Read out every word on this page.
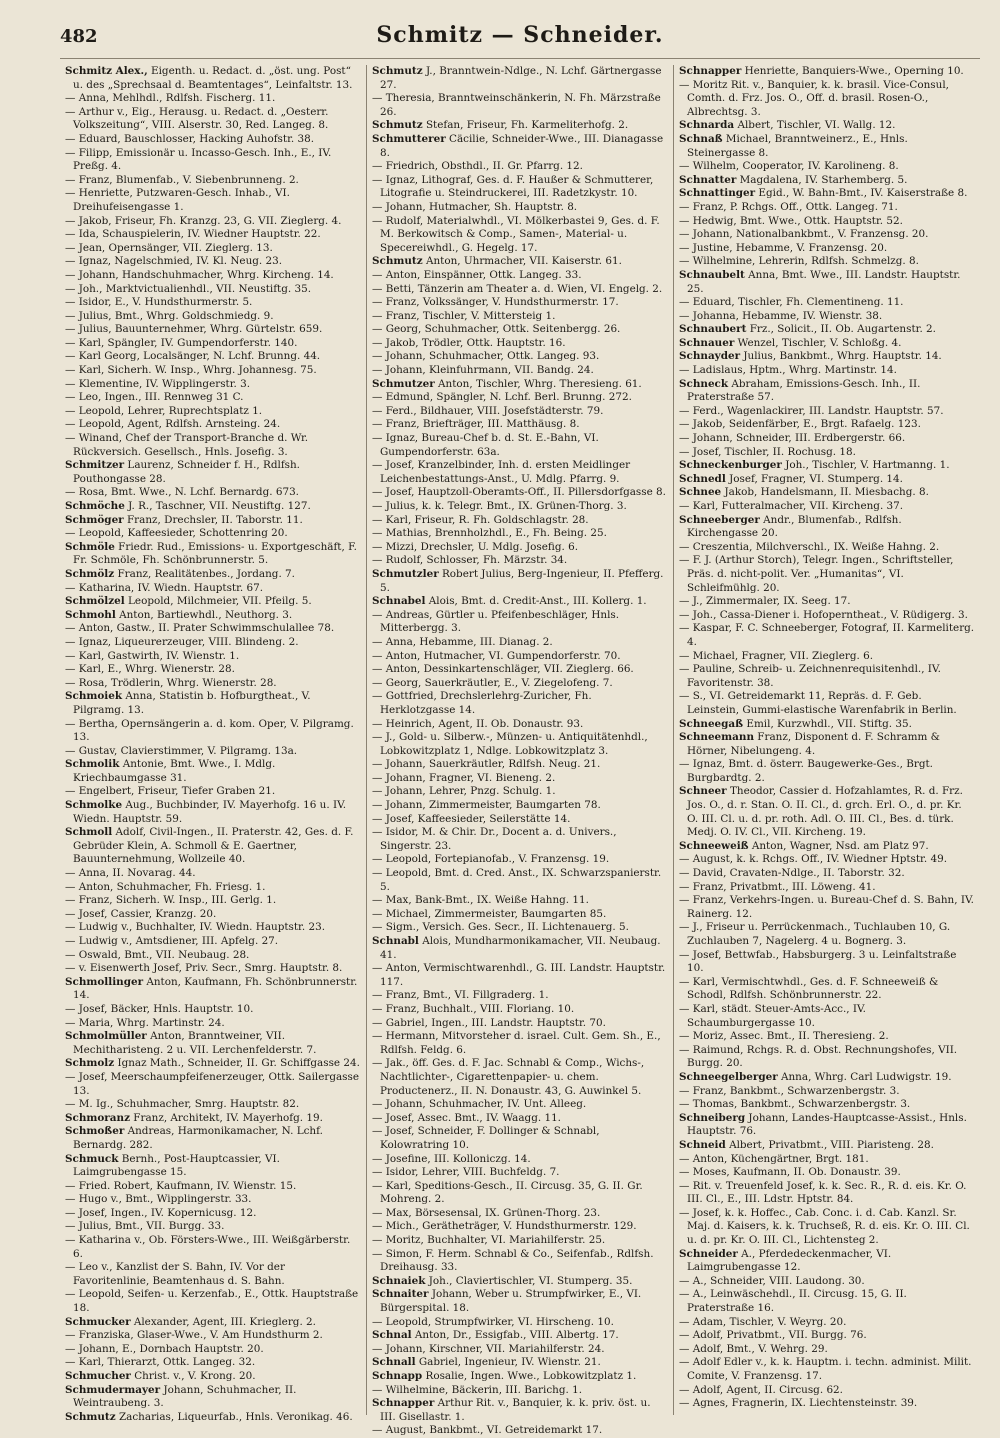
482	Schmitz — Schneider.

Schmitz Alex., Eigenth. u. Redact. d. „öst. ung. Post“ u. des „Sprechsaal d. Beamtentages“, Leinfaltstr. 13.

— Anna, Mehlhdl., Rdlfsh. Fischerg. 11.

— Arthur v., Eig., Herausg. u. Redact. d. „Oesterr. Volkszeitung“, VIII. Alserstr. 30, Red. Langeg. 8.

— Eduard, Bauschlosser, Hacking Auhofstr. 38.

— Filipp, Emissionär u. Incasso-Gesch. Inh., E., IV. Preßg. 4.

— Franz, Blumenfab., V. Siebenbrunneng. 2.

— Henriette, Putzwaren-Gesch. Inhab., VI. Dreihufeisengasse 1.

— Jakob, Friseur, Fh. Kranzg. 23, G. VII. Zieglerg. 4.

— Ida, Schauspielerin, IV. Wiedner Hauptstr. 22.

— Jean, Opernsänger, VII. Zieglerg. 13.

— Ignaz, Nagelschmied, IV. Kl. Neug. 23.

— Johann, Handschuhmacher, Whrg. Kircheng. 14.

— Joh., Marktvictualienhdl., VII. Neustiftg. 35.

— Isidor, E., V. Hundsthurmerstr. 5.

— Julius, Bmt., Whrg. Goldschmiedg. 9.

— Julius, Bauunternehmer, Whrg. Gürtelstr. 659.

— Karl, Spängler, IV. Gumpendorferstr. 140.

— Karl Georg, Localsänger, N. Lchf. Brunng. 44.

— Karl, Sicherh. W. Insp., Whrg. Johannesg. 75.

— Klementine, IV. Wipplingerstr. 3.

— Leo, Ingen., III. Rennweg 31 C.

— Leopold, Lehrer, Ruprechtsplatz 1.

— Leopold, Agent, Rdlfsh. Arnsteing. 24.

— Winand, Chef der Transport-Branche d. Wr. Rückversich. Gesellsch., Hnls. Josefig. 3.

Schmitzer Laurenz, Schneider f. H., Rdlfsh. Pouthongasse 28.

— Rosa, Bmt. Wwe., N. Lchf. Bernardg. 673.

Schmöche J. R., Taschner, VII. Neustiftg. 127.

Schmöger Franz, Drechsler, II. Taborstr. 11.

— Leopold, Kaffeesieder, Schottenring 20.

Schmöle Friedr. Rud., Emissions- u. Exportgeschäft, F. Fr. Schmöle, Fh. Schönbrunnerstr. 5.

Schmölz Franz, Realitätenbes., Jordang. 7.

— Katharina, IV. Wiedn. Hauptstr. 67.

Schmölzel Leopold, Milchmeier, VII. Pfeilg. 5.

Schmohl Anton, Bartiewhdl., Neuthorg. 3.

— Anton, Gastw., II. Prater Schwimmschulallee 78.

— Ignaz, Liqueurerzeuger, VIII. Blindeng. 2.

— Karl, Gastwirth, IV. Wienstr. 1.

— Karl, E., Whrg. Wienerstr. 28.

— Rosa, Trödlerin, Whrg. Wienerstr. 28.

Schmoiek Anna, Statistin b. Hofburgtheat., V. Pilgramg. 13.

— Bertha, Opernsängerin a. d. kom. Oper, V. Pilgramg. 13.

— Gustav, Clavierstimmer, V. Pilgramg. 13a.

Schmolik Antonie, Bmt. Wwe., I. Mdlg. Kriechbaumgasse 31.

— Engelbert, Friseur, Tiefer Graben 21.

Schmolke Aug., Buchbinder, IV. Mayerhofg. 16 u. IV. Wiedn. Hauptstr. 59.

Schmoll Adolf, Civil-Ingen., II. Praterstr. 42, Ges. d. F. Gebrüder Klein, A. Schmoll & E. Gaertner, Bauunternehmung, Wollzeile 40.

— Anna, II. Novarag. 44.

— Anton, Schuhmacher, Fh. Friesg. 1.

— Franz, Sicherh. W. Insp., III. Gerlg. 1.

— Josef, Cassier, Kranzg. 20.

— Ludwig v., Buchhalter, IV. Wiedn. Hauptstr. 23.

— Ludwig v., Amtsdiener, III. Apfelg. 27.

— Oswald, Bmt., VII. Neubaug. 28.

— v. Eisenwerth Josef, Priv. Secr., Smrg. Hauptstr. 8.

Schmollinger Anton, Kaufmann, Fh. Schönbrunnerstr. 14.

— Josef, Bäcker, Hnls. Hauptstr. 10.

— Maria, Whrg. Martinstr. 24.

Schmolmüller Anton, Branntweiner, VII. Mechitharisteng. 2 u. VII. Lerchenfelderstr. 7.

Schmolz Ignaz Math., Schneider, II. Gr. Schiffgasse 24.

— Josef, Meerschaumpfeifenerzeuger, Ottk. Sailergasse 13.

— M. Ig., Schuhmacher, Smrg. Hauptstr. 82.

Schmoranz Franz, Architekt, IV. Mayerhofg. 19.

Schmoßer Andreas, Harmonikamacher, N. Lchf. Bernardg. 282.

Schmuck Bernh., Post-Hauptcassier, VI. Laimgrubengasse 15.

— Fried. Robert, Kaufmann, IV. Wienstr. 15.

— Hugo v., Bmt., Wipplingerstr. 33.

— Josef, Ingen., IV. Kopernicusg. 12.

— Julius, Bmt., VII. Burgg. 33.

— Katharina v., Ob. Försters-Wwe., III. Weißgärberstr. 6.

— Leo v., Kanzlist der S. Bahn, IV. Vor der Favoritenlinie, Beamtenhaus d. S. Bahn.

— Leopold, Seifen- u. Kerzenfab., E., Ottk. Hauptstraße 18.

Schmucker Alexander, Agent, III. Krieglerg. 2.

— Franziska, Glaser-Wwe., V. Am Hundsthurm 2.

— Johann, E., Dornbach Hauptstr. 20.

— Karl, Thierarzt, Ottk. Langeg. 32.

Schmucher Christ. v., V. Krong. 20.

Schmudermayer Johann, Schuhmacher, II. Weintraubeng. 3.

Schmutz Zacharias, Liqueurfab., Hnls. Veronikag. 46.

Schmutz J., Branntwein-Ndlge., N. Lchf. Gärtnergasse 27.

— Theresia, Branntweinschänkerin, N. Fh. Märzstraße 26.

Schmutz Stefan, Friseur, Fh. Karmeliterhofg. 2.

Schmutterer Cäcilie, Schneider-Wwe., III. Dianagasse 8.

— Friedrich, Obsthdl., II. Gr. Pfarrg. 12.

— Ignaz, Lithograf, Ges. d. F. Haußer & Schmutterer, Litografie u. Steindruckerei, III. Radetzkystr. 10.

— Johann, Hutmacher, Sh. Hauptstr. 8.

— Rudolf, Materialwhdl., VI. Mölkerbastei 9, Ges. d. F. M. Berkowitsch & Comp., Samen-, Material- u. Specereiwhdl., G. Hegelg. 17.

Schmutz Anton, Uhrmacher, VII. Kaiserstr. 61.

— Anton, Einspänner, Ottk. Langeg. 33.

— Betti, Tänzerin am Theater a. d. Wien, VI. Engelg. 2.

— Franz, Volkssänger, V. Hundsthurmerstr. 17.

— Franz, Tischler, V. Mittersteig 1.

— Georg, Schuhmacher, Ottk. Seitenbergg. 26.

— Jakob, Trödler, Ottk. Hauptstr. 16.

— Johann, Schuhmacher, Ottk. Langeg. 93.

— Johann, Kleinfuhrmann, VII. Bandg. 24.

Schmutzer Anton, Tischler, Whrg. Theresieng. 61.

— Edmund, Spängler, N. Lchf. Berl. Brunng. 272.

— Ferd., Bildhauer, VIII. Josefstädterstr. 79.

— Franz, Briefträger, III. Matthäusg. 8.

— Ignaz, Bureau-Chef b. d. St. E.-Bahn, VI. Gumpendorferstr. 63a.

— Josef, Kranzelbinder, Inh. d. ersten Meidlinger Leichenbestattungs-Anst., U. Mdlg. Pfarrg. 9.

— Josef, Hauptzoll-Oberamts-Off., II. Pillersdorfgasse 8.

— Julius, k. k. Telegr. Bmt., IX. Grünen-Thorg. 3.

— Karl, Friseur, R. Fh. Goldschlagstr. 28.

— Mathias, Brennholzhdl., E., Fh. Being. 25.

— Mizzi, Drechsler, U. Mdlg. Josefig. 6.

— Rudolf, Schlosser, Fh. Märzstr. 34.

Schmutzler Robert Julius, Berg-Ingenieur, II. Pfefferg. 5.

Schnabel Alois, Bmt. d. Credit-Anst., III. Kollerg. 1.

— Andreas, Gürtler u. Pfeifenbeschläger, Hnls. Mitterbergg. 3.

— Anna, Hebamme, III. Dianag. 2.

— Anton, Hutmacher, VI. Gumpendorferstr. 70.

— Anton, Dessinkartenschläger, VII. Zieglerg. 66.

— Georg, Sauerkräutler, E., V. Ziegelofeng. 7.

— Gottfried, Drechslerlehrg-Zuricher, Fh. Herklotzgasse 14.

— Heinrich, Agent, II. Ob. Donaustr. 93.

— J., Gold- u. Silberw.-, Münzen- u. Antiquitätenhdl., Lobkowitzplatz 1, Ndlge. Lobkowitzplatz 3.

— Johann, Sauerkräutler, Rdlfsh. Neug. 21.

— Johann, Fragner, VI. Bieneng. 2.

— Johann, Lehrer, Pnzg. Schulg. 1.

— Johann, Zimmermeister, Baumgarten 78.

— Josef, Kaffeesieder, Seilerstätte 14.

— Isidor, M. & Chir. Dr., Docent a. d. Univers., Singerstr. 23.

— Leopold, Fortepianofab., V. Franzensg. 19.

— Leopold, Bmt. d. Cred. Anst., IX. Schwarzspanierstr. 5.

— Max, Bank-Bmt., IX. Weiße Hahng. 11.

— Michael, Zimmermeister, Baumgarten 85.

— Sigm., Versich. Ges. Secr., II. Lichtenauerg. 5.

Schnabl Alois, Mundharmonikamacher, VII. Neubaug. 41.

— Anton, Vermischtwarenhdl., G. III. Landstr. Hauptstr. 117.

— Franz, Bmt., VI. Fillgraderg. 1.

— Franz, Buchhalt., VIII. Floriang. 10.

— Gabriel, Ingen., III. Landstr. Hauptstr. 70.

— Hermann, Mitvorsteher d. israel. Cult. Gem. Sh., E., Rdlfsh. Feldg. 6.

— Jak., öff. Ges. d. F. Jac. Schnabl & Comp., Wichs-, Nachtlichter-, Cigarettenpapier- u. chem. Productenerz., II. N. Donaustr. 43, G. Auwinkel 5.

— Johann, Schuhmacher, IV. Unt. Alleeg.

— Josef, Assec. Bmt., IV. Waagg. 11.

— Josef, Schneider, F. Dollinger & Schnabl, Kolowratring 10.

— Josefine, III. Kolloniczg. 14.

— Isidor, Lehrer, VIII. Buchfeldg. 7.

— Karl, Speditions-Gesch., II. Circusg. 35, G. II. Gr. Mohreng. 2.

— Max, Börsesensal, IX. Grünen-Thorg. 23.

— Mich., Gerätheträger, V. Hundsthurmerstr. 129.

— Moritz, Buchhalter, VI. Mariahilferstr. 25.

— Simon, F. Herm. Schnabl & Co., Seifenfab., Rdlfsh. Dreihausg. 33.

Schnaiek Joh., Claviertischler, VI. Stumperg. 35.

Schnaiter Johann, Weber u. Strumpfwirker, E., VI. Bürgerspital. 18.

— Leopold, Strumpfwirker, VI. Hirscheng. 10.

Schnal Anton, Dr., Essigfab., VIII. Albertg. 17.

— Johann, Kirschner, VII. Mariahilferstr. 24.

Schnall Gabriel, Ingenieur, IV. Wienstr. 21.

Schnapp Rosalie, Ingen. Wwe., Lobkowitzplatz 1.

— Wilhelmine, Bäckerin, III. Barichg. 1.

Schnapper Arthur Rit. v., Banquier, k. k. priv. öst. u. III. Gisellastr. 1.

— August, Bankbmt., VI. Getreidemarkt 17.

Schnapper Henriette, Banquiers-Wwe., Operning 10.

— Moritz Rit. v., Banquier, k. k. brasil. Vice-Consul, Comth. d. Frz. Jos. O., Off. d. brasil. Rosen-O., Albrechtsg. 3.

Schnarda Albert, Tischler, VI. Wallg. 12.

Schnaß Michael, Branntweinerz., E., Hnls. Steinergasse 8.

— Wilhelm, Cooperator, IV. Karolineng. 8.

Schnatter Magdalena, IV. Starhemberg. 5.

Schnattinger Egid., W. Bahn-Bmt., IV. Kaiserstraße 8.

— Franz, P. Rchgs. Off., Ottk. Langeg. 71.

— Hedwig, Bmt. Wwe., Ottk. Hauptstr. 52.

— Johann, Nationalbankbmt., V. Franzensg. 20.

— Justine, Hebamme, V. Franzensg. 20.

— Wilhelmine, Lehrerin, Rdlfsh. Schmelzg. 8.

Schnaubelt Anna, Bmt. Wwe., III. Landstr. Hauptstr. 25.

— Eduard, Tischler, Fh. Clementineng. 11.

— Johanna, Hebamme, IV. Wienstr. 38.

Schnaubert Frz., Solicit., II. Ob. Augartenstr. 2.

Schnauer Wenzel, Tischler, V. Schloßg. 4.

Schnayder Julius, Bankbmt., Whrg. Hauptstr. 14.

— Ladislaus, Hptm., Whrg. Martinstr. 14.

Schneck Abraham, Emissions-Gesch. Inh., II. Praterstraße 57.

— Ferd., Wagenlackirer, III. Landstr. Hauptstr. 57.

— Jakob, Seidenfärber, E., Brgt. Rafaelg. 123.

— Johann, Schneider, III. Erdbergerstr. 66.

— Josef, Tischler, II. Rochusg. 18.

Schneckenburger Joh., Tischler, V. Hartmanng. 1.

Schnedl Josef, Fragner, VI. Stumperg. 14.

Schnee Jakob, Handelsmann, II. Miesbachg. 8.

— Karl, Futteralmacher, VII. Kircheng. 37.

Schneeberger Andr., Blumenfab., Rdlfsh. Kirchengasse 20.

— Creszentia, Milchverschl., IX. Weiße Hahng. 2.

— F. J. (Arthur Storch), Telegr. Ingen., Schriftsteller, Präs. d. nicht-polit. Ver. „Humanitas“, VI. Schleifmühlg. 20.

— J., Zimmermaler, IX. Seeg. 17.

— Joh., Cassa-Diener i. Hofoperntheat., V. Rüdigerg. 3.

— Kaspar, F. C. Schneeberger, Fotograf, II. Karmeliterg. 4.

— Michael, Fragner, VII. Zieglerg. 6.

— Pauline, Schreib- u. Zeichnenrequisitenhdl., IV. Favoritenstr. 38.

— S., VI. Getreidemarkt 11, Repräs. d. F. Geb. Leinstein, Gummi-elastische Warenfabrik in Berlin.

Schneegaß Emil, Kurzwhdl., VII. Stiftg. 35.

Schneemann Franz, Disponent d. F. Schramm & Hörner, Nibelungeng. 4.

— Ignaz, Bmt. d. österr. Baugewerke-Ges., Brgt. Burgbardtg. 2.

Schneer Theodor, Cassier d. Hofzahlamtes, R. d. Frz. Jos. O., d. r. Stan. O. II. Cl., d. grch. Erl. O., d. pr. Kr. O. III. Cl. u. d. pr. roth. Adl. O. III. Cl., Bes. d. türk. Medj. O. IV. Cl., VII. Kircheng. 19.

Schneeweiß Anton, Wagner, Nsd. am Platz 97.

— August, k. k. Rchgs. Off., IV. Wiedner Hptstr. 49.

— David, Cravaten-Ndlge., II. Taborstr. 32.

— Franz, Privatbmt., III. Löweng. 41.

— Franz, Verkehrs-Ingen. u. Bureau-Chef d. S. Bahn, IV. Rainerg. 12.

— J., Friseur u. Perrückenmach., Tuchlauben 10, G. Zuchlauben 7, Nagelerg. 4 u. Bognerg. 3.

— Josef, Bettwfab., Habsburgerg. 3 u. Leinfaltstraße 10.

— Karl, Vermischtwhdl., Ges. d. F. Schneeweiß & Schodl, Rdlfsh. Schönbrunnerstr. 22.

— Karl, städt. Steuer-Amts-Acc., IV. Schaumburgergasse 10.

— Moriz, Assec. Bmt., II. Theresieng. 2.

— Raimund, Rchgs. R. d. Obst. Rechnungshofes, VII. Burgg. 20.

Schneegelberger Anna, Whrg. Carl Ludwigstr. 19.

— Franz, Bankbmt., Schwarzenbergstr. 3.

— Thomas, Bankbmt., Schwarzenbergstr. 3.

Schneiberg Johann, Landes-Hauptcasse-Assist., Hnls. Hauptstr. 76.

Schneid Albert, Privatbmt., VIII. Piaristeng. 28.

— Anton, Küchengärtner, Brgt. 181.

— Moses, Kaufmann, II. Ob. Donaustr. 39.

— Rit. v. Treuenfeld Josef, k. k. Sec. R., R. d. eis. Kr. O. III. Cl., E., III. Ldstr. Hptstr. 84.

— Josef, k. k. Hoffec., Cab. Conc. i. d. Cab. Kanzl. Sr. Maj. d. Kaisers, k. k. Truchseß, R. d. eis. Kr. O. III. Cl. u. d. pr. Kr. O. III. Cl., Lichtensteg 2.

Schneider A., Pferdedeckenmacher, VI. Laimgrubengasse 12.

— A., Schneider, VIII. Laudong. 30.

— A., Leinwäschehdl., II. Circusg. 15, G. II. Praterstraße 16.

— Adam, Tischler, V. Weyrg. 20.

— Adolf, Privatbmt., VII. Burgg. 76.

— Adolf, Bmt., V. Wehrg. 29.

— Adolf Edler v., k. k. Hauptm. i. techn. administ. Milit. Comite, V. Franzensg. 17.

— Adolf, Agent, II. Circusg. 62.

— Agnes, Fragnerin, IX. Liechtensteinstr. 39.
